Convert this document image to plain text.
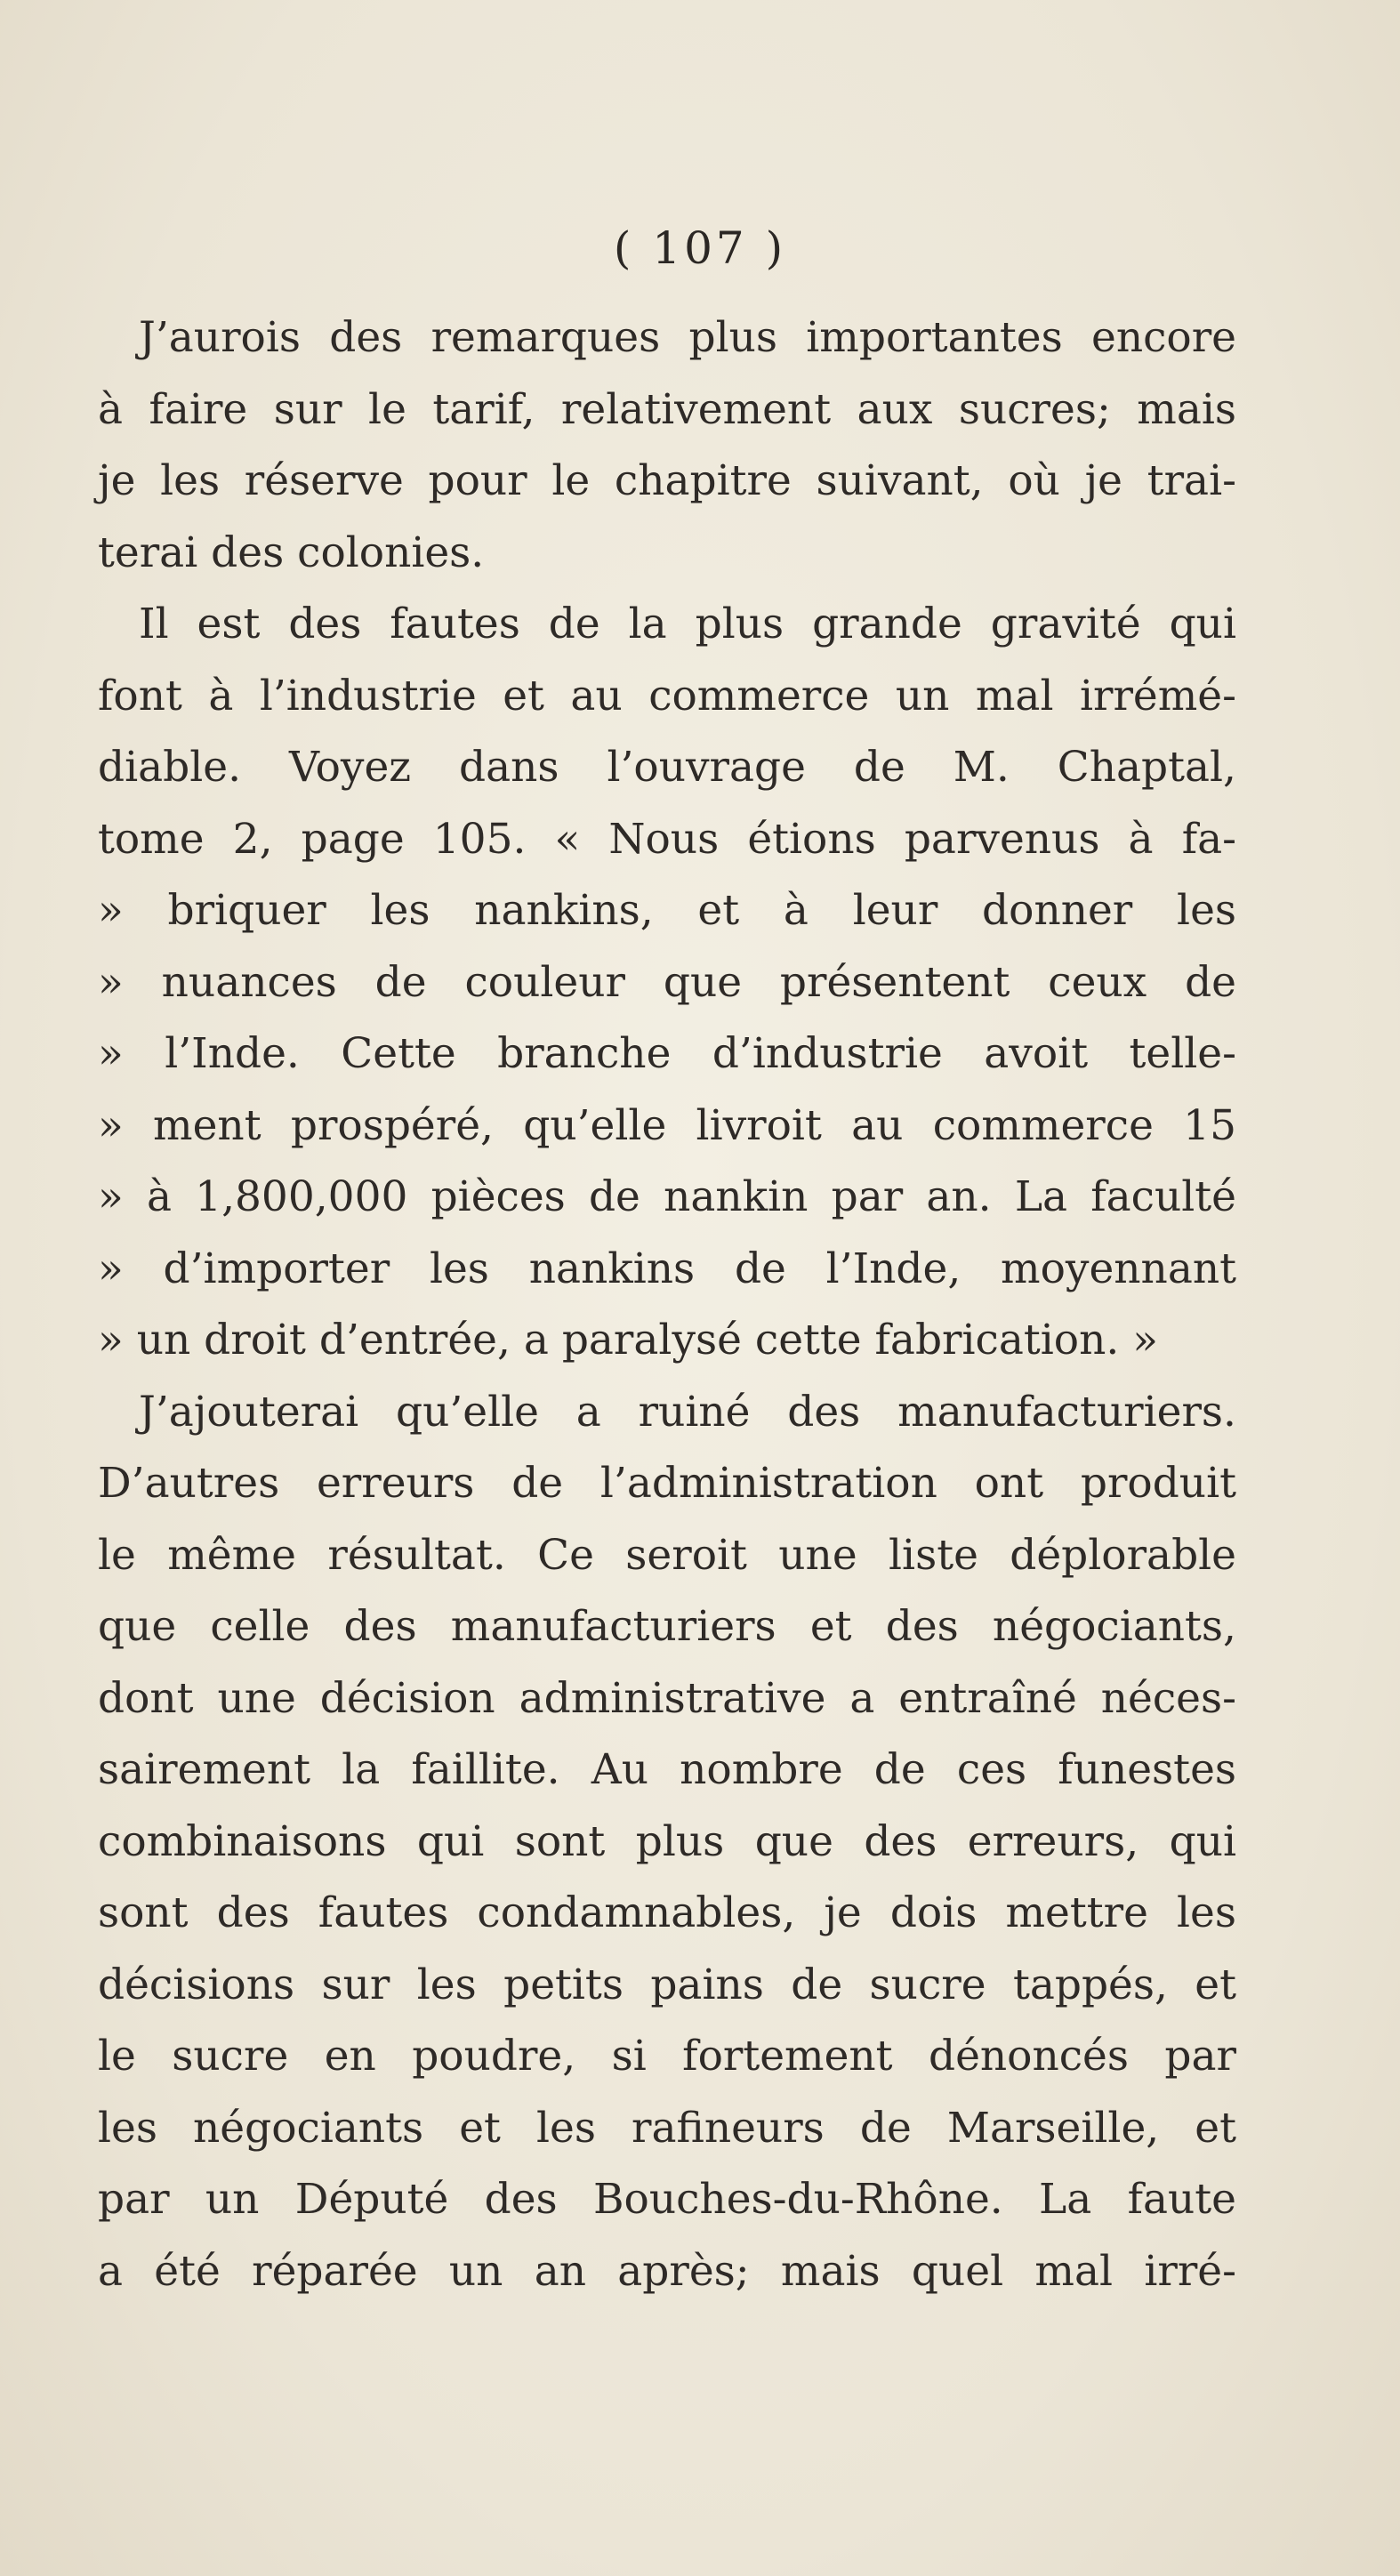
( 107 )
J’aurois des remarques plus importantes encore
à faire sur le tarif, relativement aux sucres; mais
je les réserve pour le chapitre suivant, où je trai-
terai des colonies.
Il est des fautes de la plus grande gravité qui
font à l’industrie et au commerce un mal irrémé-
diable. Voyez dans l’ouvrage de M. Chaptal,
tome 2, page 105. « Nous étions parvenus à fa-
» briquer les nankins, et à leur donner les
» nuances de couleur que présentent ceux de
» l’Inde. Cette branche d’industrie avoit telle-
» ment prospéré, qu’elle livroit au commerce 15
» à 1,800,000 pièces de nankin par an. La faculté
» d’importer les nankins de l’Inde, moyennant
» un droit d’entrée, a paralysé cette fabrication. »
J’ajouterai qu’elle a ruiné des manufacturiers.
D’autres erreurs de l’administration ont produit
le même résultat. Ce seroit une liste déplorable
que celle des manufacturiers et des négociants,
dont une décision administrative a entraîné néces-
sairement la faillite. Au nombre de ces funestes
combinaisons qui sont plus que des erreurs, qui
sont des fautes condamnables, je dois mettre les
décisions sur les petits pains de sucre tappés, et
le sucre en poudre, si fortement dénoncés par
les négociants et les rafineurs de Marseille, et
par un Député des Bouches-du-Rhône. La faute
a été réparée un an après; mais quel mal irré-
